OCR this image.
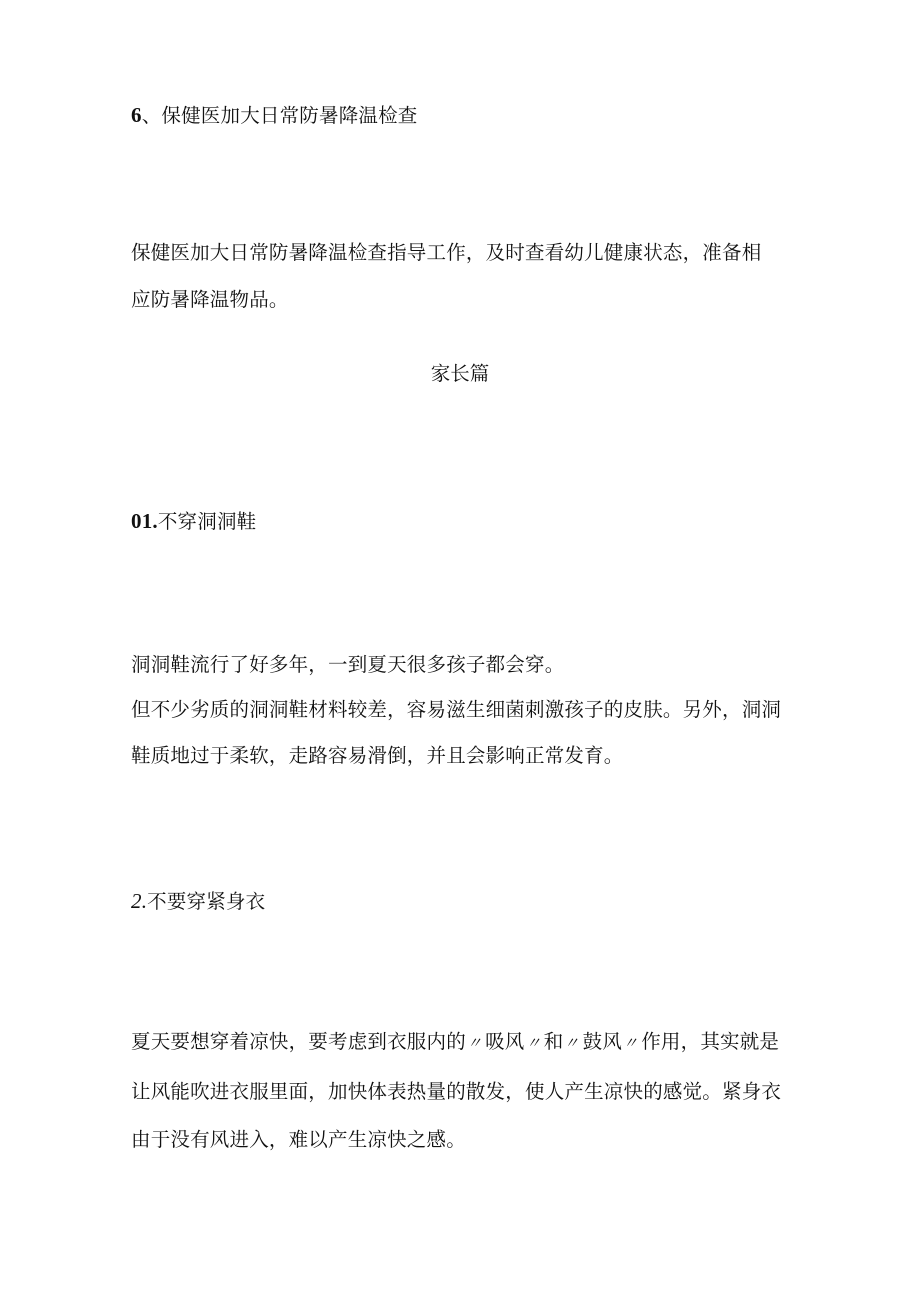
6、保健医加大日常防暑降温检查
保健医加大日常防暑降温检查指导工作，及时查看幼儿健康状态，准备相
应防暑降温物品。
家长篇
01.不穿洞洞鞋
洞洞鞋流行了好多年，一到夏天很多孩子都会穿。
但不少劣质的洞洞鞋材料较差，容易滋生细菌刺激孩子的皮肤。另外，洞洞
鞋质地过于柔软，走路容易滑倒，并且会影响正常发育。
2.不要穿紧身衣
夏天要想穿着凉快，要考虑到衣服内的〃吸风〃和〃鼓风〃作用，其实就是
让风能吹进衣服里面，加快体表热量的散发，使人产生凉快的感觉。紧身衣
由于没有风进入，难以产生凉快之感。
